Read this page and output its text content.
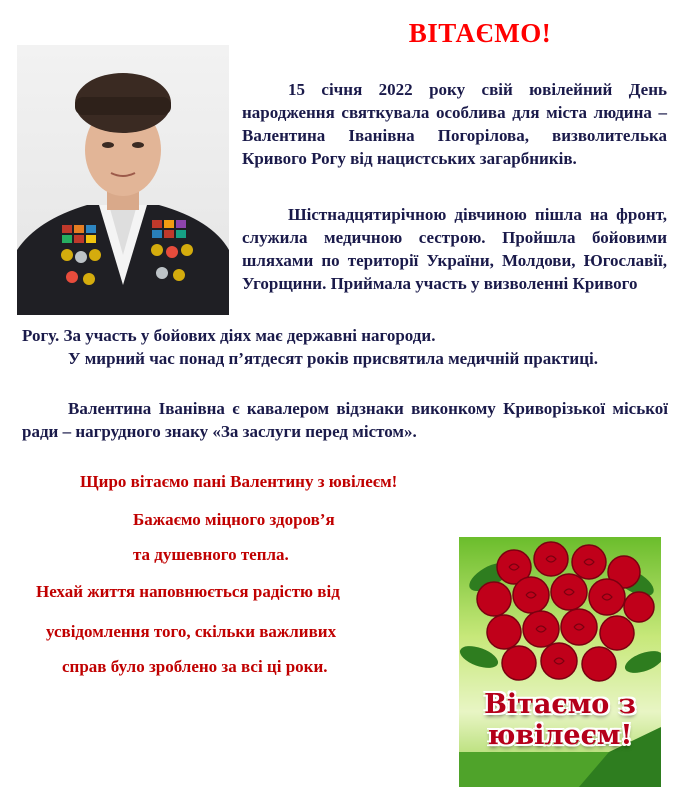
ВІТАЄМО!
15 січня 2022 року свій ювілейний День народження святкувала особлива для міста людина – Валентина Іванівна Погорілова, визволителька Кривого Рогу від нацистських загарбників.
Шістнадцятирічною дівчиною пішла на фронт, служила медичною сестрою. Пройшла бойовими шляхами по території України, Молдови, Югославії, Угорщини. Приймала участь у визволенні Кривого
Рогу. За участь у бойових діях має державні нагороди.
У мирний час понад п’ятдесят років присвятила медичній практиці.
Валентина Іванівна є кавалером відзнаки виконкому Криворізької міської ради – нагрудного знаку «За заслуги перед містом».
Щиро вітаємо пані Валентину з ювілеєм!
Бажаємо міцного здоров’я
та душевного тепла.
Нехай життя наповнюється радістю від
усвідомлення того, скільки важливих
справ було зроблено за всі ці роки.
Вітаємо з
ювілеєм!
